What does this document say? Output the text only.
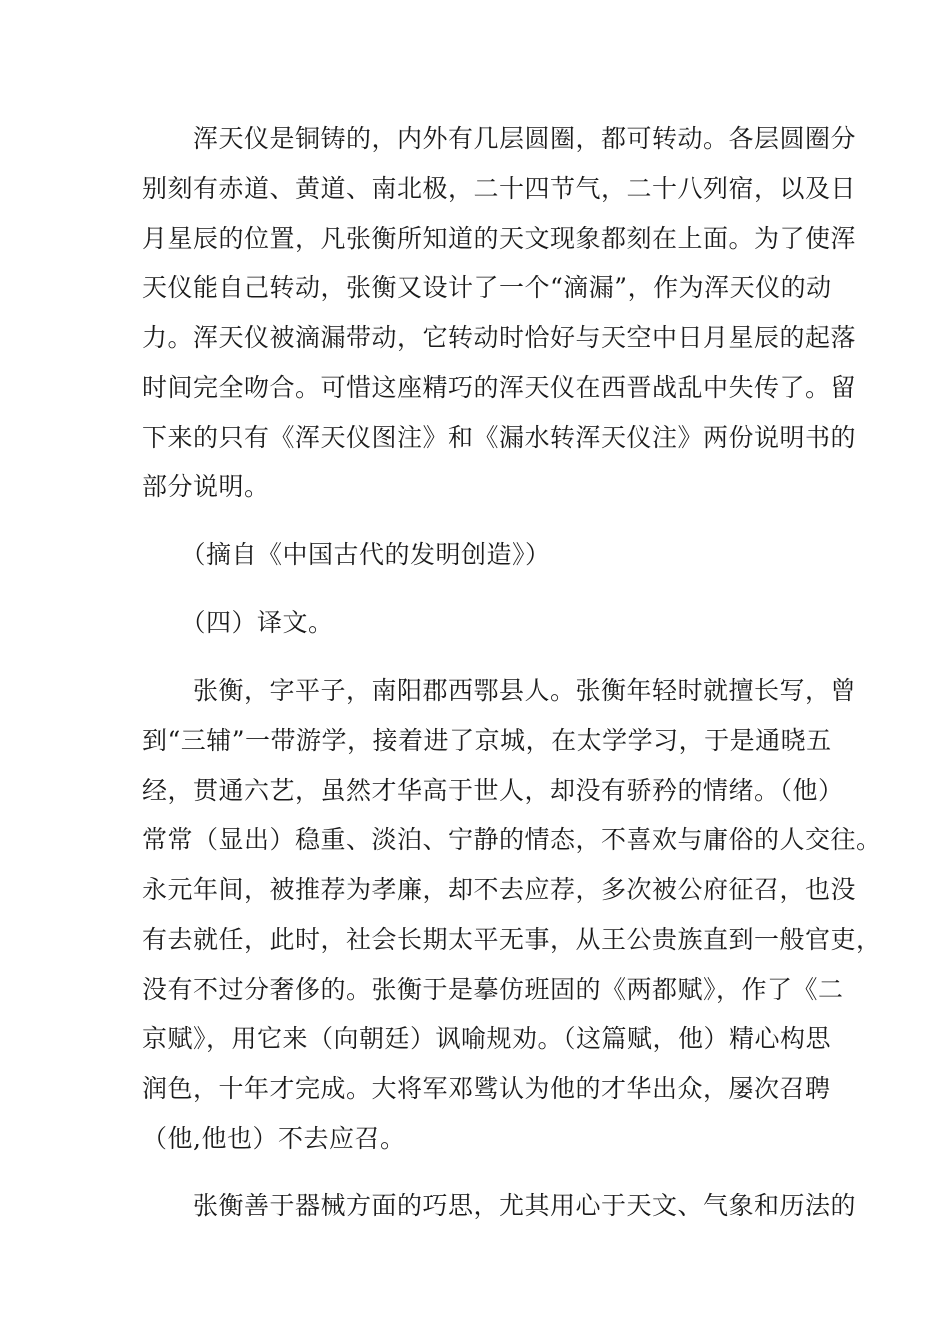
　　浑天仪是铜铸的，内外有几层圆圈，都可转动。各层圆圈分
别刻有赤道、黄道、南北极，二十四节气，二十八列宿，以及日
月星辰的位置，凡张衡所知道的天文现象都刻在上面。为了使浑
天仪能自己转动，张衡又设计了一个“滴漏”，作为浑天仪的动
力。浑天仪被滴漏带动，它转动时恰好与天空中日月星辰的起落
时间完全吻合。可惜这座精巧的浑天仪在西晋战乱中失传了。留
下来的只有《浑天仪图注》和《漏水转浑天仪注》两份说明书的
部分说明。
　　（摘自《中国古代的发明创造》）
　　（四）译文。
　　张衡，字平子，南阳郡西鄂县人。张衡年轻时就擅长写，曾
到“三辅”一带游学，接着进了京城，在太学学习，于是通晓五
经，贯通六艺，虽然才华高于世人，却没有骄矜的情绪。（他）
常常（显出）稳重、淡泊、宁静的情态，不喜欢与庸俗的人交往。
永元年间，被推荐为孝廉，却不去应荐，多次被公府征召，也没
有去就任，此时，社会长期太平无事，从王公贵族直到一般官吏，
没有不过分奢侈的。张衡于是摹仿班固的《两都赋》，作了《二
京赋》，用它来（向朝廷）讽喻规劝。（这篇赋，他）精心构思
润色，十年才完成。大将军邓骘认为他的才华出众，屡次召聘
（他,他也）不去应召。
　　张衡善于器械方面的巧思，尤其用心于天文、气象和历法的
